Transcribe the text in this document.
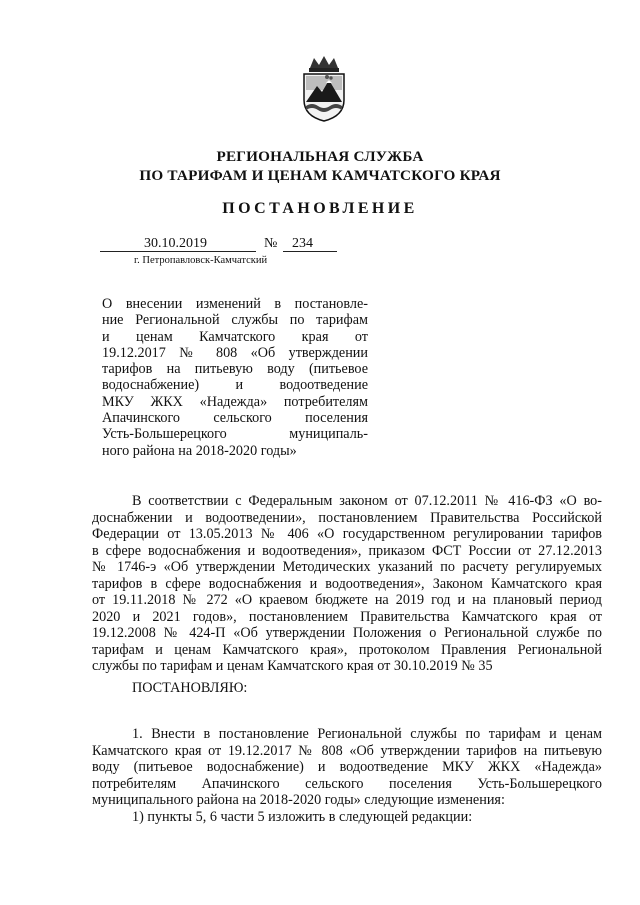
РЕГИОНАЛЬНАЯ СЛУЖБА
ПО ТАРИФАМ И ЦЕНАМ КАМЧАТСКОГО КРАЯ
ПОСТАНОВЛЕНИЕ
30.10.2019	№ 234
г. Петропавловск-Камчатский
О внесении изменений в постановле-
ние Региональной службы по тарифам
и ценам Камчатского края от
19.12.2017 № 808 «Об утверждении
тарифов на питьевую воду (питьевое
водоснабжение) и водоотведение
МКУ ЖКХ «Надежда» потребителям
Апачинского сельского поселения
Усть-Большерецкого муниципаль-
ного района на 2018-2020 годы»
В соответствии с Федеральным законом от 07.12.2011 № 416-ФЗ «О во-
доснабжении и водоотведении», постановлением Правительства Российской
Федерации от 13.05.2013 № 406 «О государственном регулировании тарифов
в сфере водоснабжения и водоотведения», приказом ФСТ России от 27.12.2013
№ 1746-э «Об утверждении Методических указаний по расчету регулируемых
тарифов в сфере водоснабжения и водоотведения», Законом Камчатского края
от 19.11.2018 № 272 «О краевом бюджете на 2019 год и на плановый период
2020 и 2021 годов», постановлением Правительства Камчатского края от
19.12.2008 № 424-П «Об утверждении Положения о Региональной службе по
тарифам и ценам Камчатского края», протоколом Правления Региональной
службы по тарифам и ценам Камчатского края от 30.10.2019 № 35
ПОСТАНОВЛЯЮ:
1. Внести в постановление Региональной службы по тарифам и ценам
Камчатского края от 19.12.2017 № 808 «Об утверждении тарифов на питьевую
воду (питьевое водоснабжение) и водоотведение МКУ ЖКХ «Надежда»
потребителям Апачинского сельского поселения Усть-Большерецкого
муниципального района на 2018-2020 годы» следующие изменения:
1) пункты 5, 6 части 5 изложить в следующей редакции:
